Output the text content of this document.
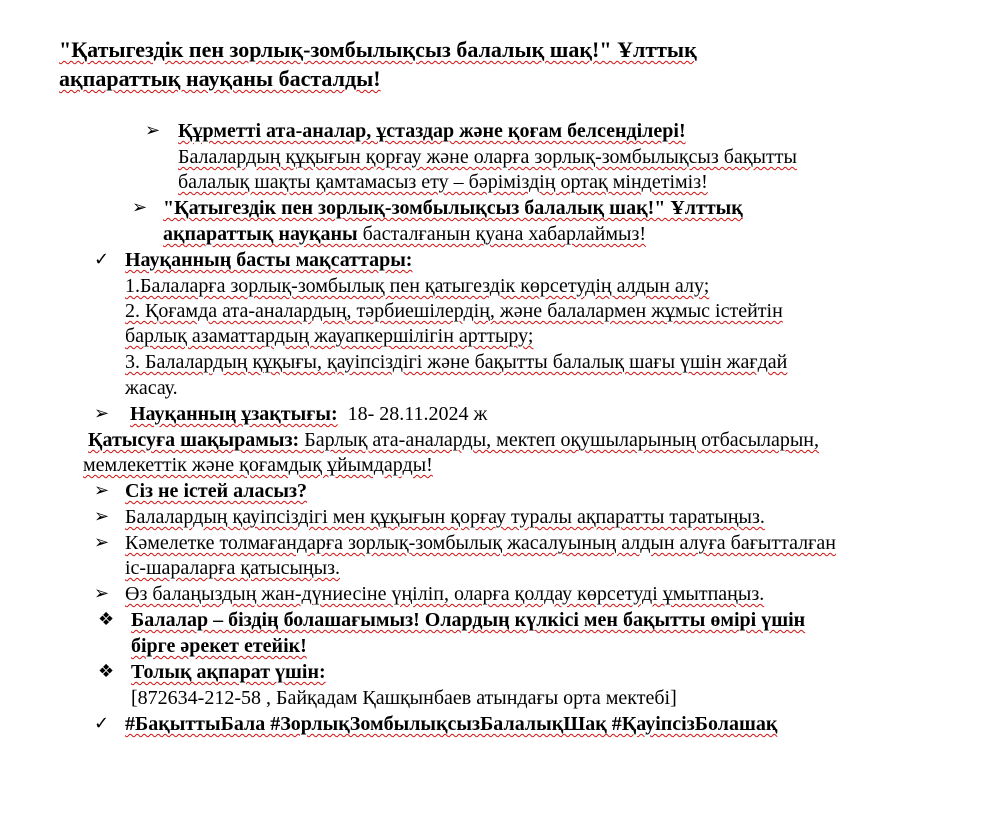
"Қатыгездік пен зорлық-зомбылықсыз балалық шақ!" Ұлттық
ақпараттық науқаны басталды!
➢ Құрметті ата-аналар, ұстаздар және қоғам белсенділері!
Балалардың құқығын қорғау және оларға зорлық-зомбылықсыз бақытты
балалық шақты қамтамасыз ету – бәріміздің ортақ міндетіміз!
➢ "Қатыгездік пен зорлық-зомбылықсыз балалық шақ!" Ұлттық
ақпараттық науқаны басталғанын қуана хабарлаймыз!
✓ Науқанның басты мақсаттары:
1.Балаларға зорлық-зомбылық пен қатыгездік көрсетудің алдын алу;
2. Қоғамда ата-аналардың, тәрбиешілердің, және балалармен жұмыс істейтін
барлық азаматтардың жауапкершілігін арттыру;
3. Балалардың құқығы, қауіпсіздігі және бақытты балалық шағы үшін жағдай
жасау.
➢ Науқанның ұзақтығы: 18- 28.11.2024 ж
Қатысуға шақырамыз: Барлық ата-аналарды, мектеп оқушыларының отбасыларын,
мемлекеттік және қоғамдық ұйымдарды!
➢ Сіз не істей аласыз?
➢ Балалардың қауіпсіздігі мен құқығын қорғау туралы ақпаратты таратыңыз.
➢ Кәмелетке толмағандарға зорлық-зомбылық жасалуының алдын алуға бағытталған
іс-шараларға қатысыңыз.
➢ Өз балаңыздың жан-дүниесіне үңіліп, оларға қолдау көрсетуді ұмытпаңыз.
❖ Балалар – біздің болашағымыз! Олардың күлкісі мен бақытты өмірі үшін
бірге әрекет етейік!
❖ Толық ақпарат үшін:
[872634-212-58 , Байқадам Қашқынбаев атындағы орта мектебі]
✓ #БақыттыБала #ЗорлықЗомбылықсызБалалықШақ #ҚауіпсізБолашақ
